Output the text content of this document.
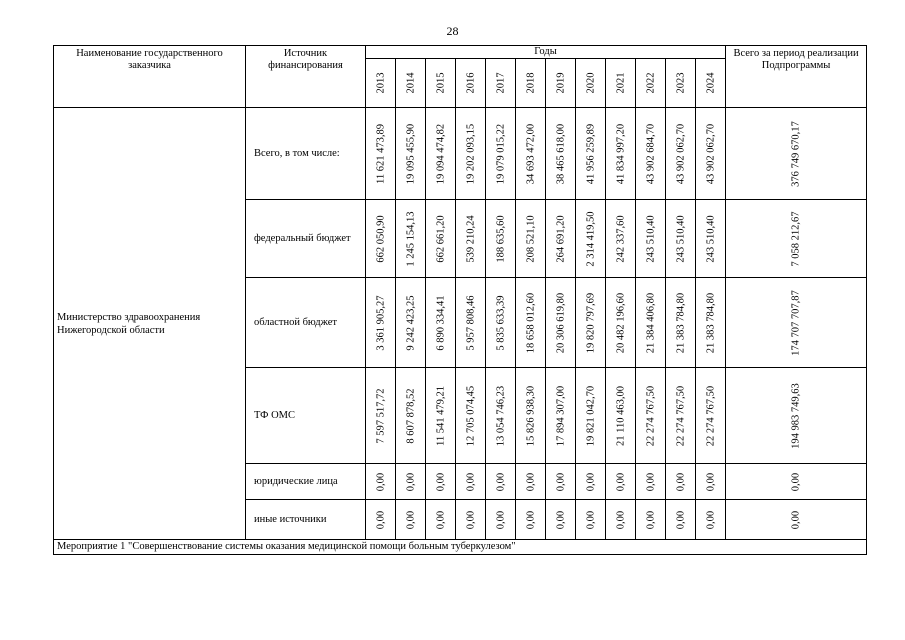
28
Наименование государственного заказчика	Источник финансирования	Годы												Всего за период реализации Подпрограммы

		2013	2014	2015	2016	2017	2018	2019	2020	2021	2022	2023	2024	

Министерство здравоохранения Нижегородской области	Всего, в том числе:	11 621 473,89	19 095 455,90	19 094 474,82	19 202 093,15	19 079 015,22	34 693 472,00	38 465 618,00	41 956 259,89	41 834 997,20	43 902 684,70	43 902 062,70	43 902 062,70	376 749 670,17

	федеральный бюджет	662 050,90	1 245 154,13	662 661,20	539 210,24	188 635,60	208 521,10	264 691,20	2 314 419,50	242 337,60	243 510,40	243 510,40	243 510,40	7 058 212,67

	областной бюджет	3 361 905,27	9 242 423,25	6 890 334,41	5 957 808,46	5 835 633,39	18 658 012,60	20 306 619,80	19 820 797,69	20 482 196,60	21 384 406,80	21 383 784,80	21 383 784,80	174 707 707,87

	ТФ ОМС	7 597 517,72	8 607 878,52	11 541 479,21	12 705 074,45	13 054 746,23	15 826 938,30	17 894 307,00	19 821 042,70	21 110 463,00	22 274 767,50	22 274 767,50	22 274 767,50	194 983 749,63

	юридические лица	0,00	0,00	0,00	0,00	0,00	0,00	0,00	0,00	0,00	0,00	0,00	0,00	0,00

	иные источники	0,00	0,00	0,00	0,00	0,00	0,00	0,00	0,00	0,00	0,00	0,00	0,00	0,00

Мероприятие 1 "Совершенствование системы оказания медицинской помощи больным туберкулезом"														
